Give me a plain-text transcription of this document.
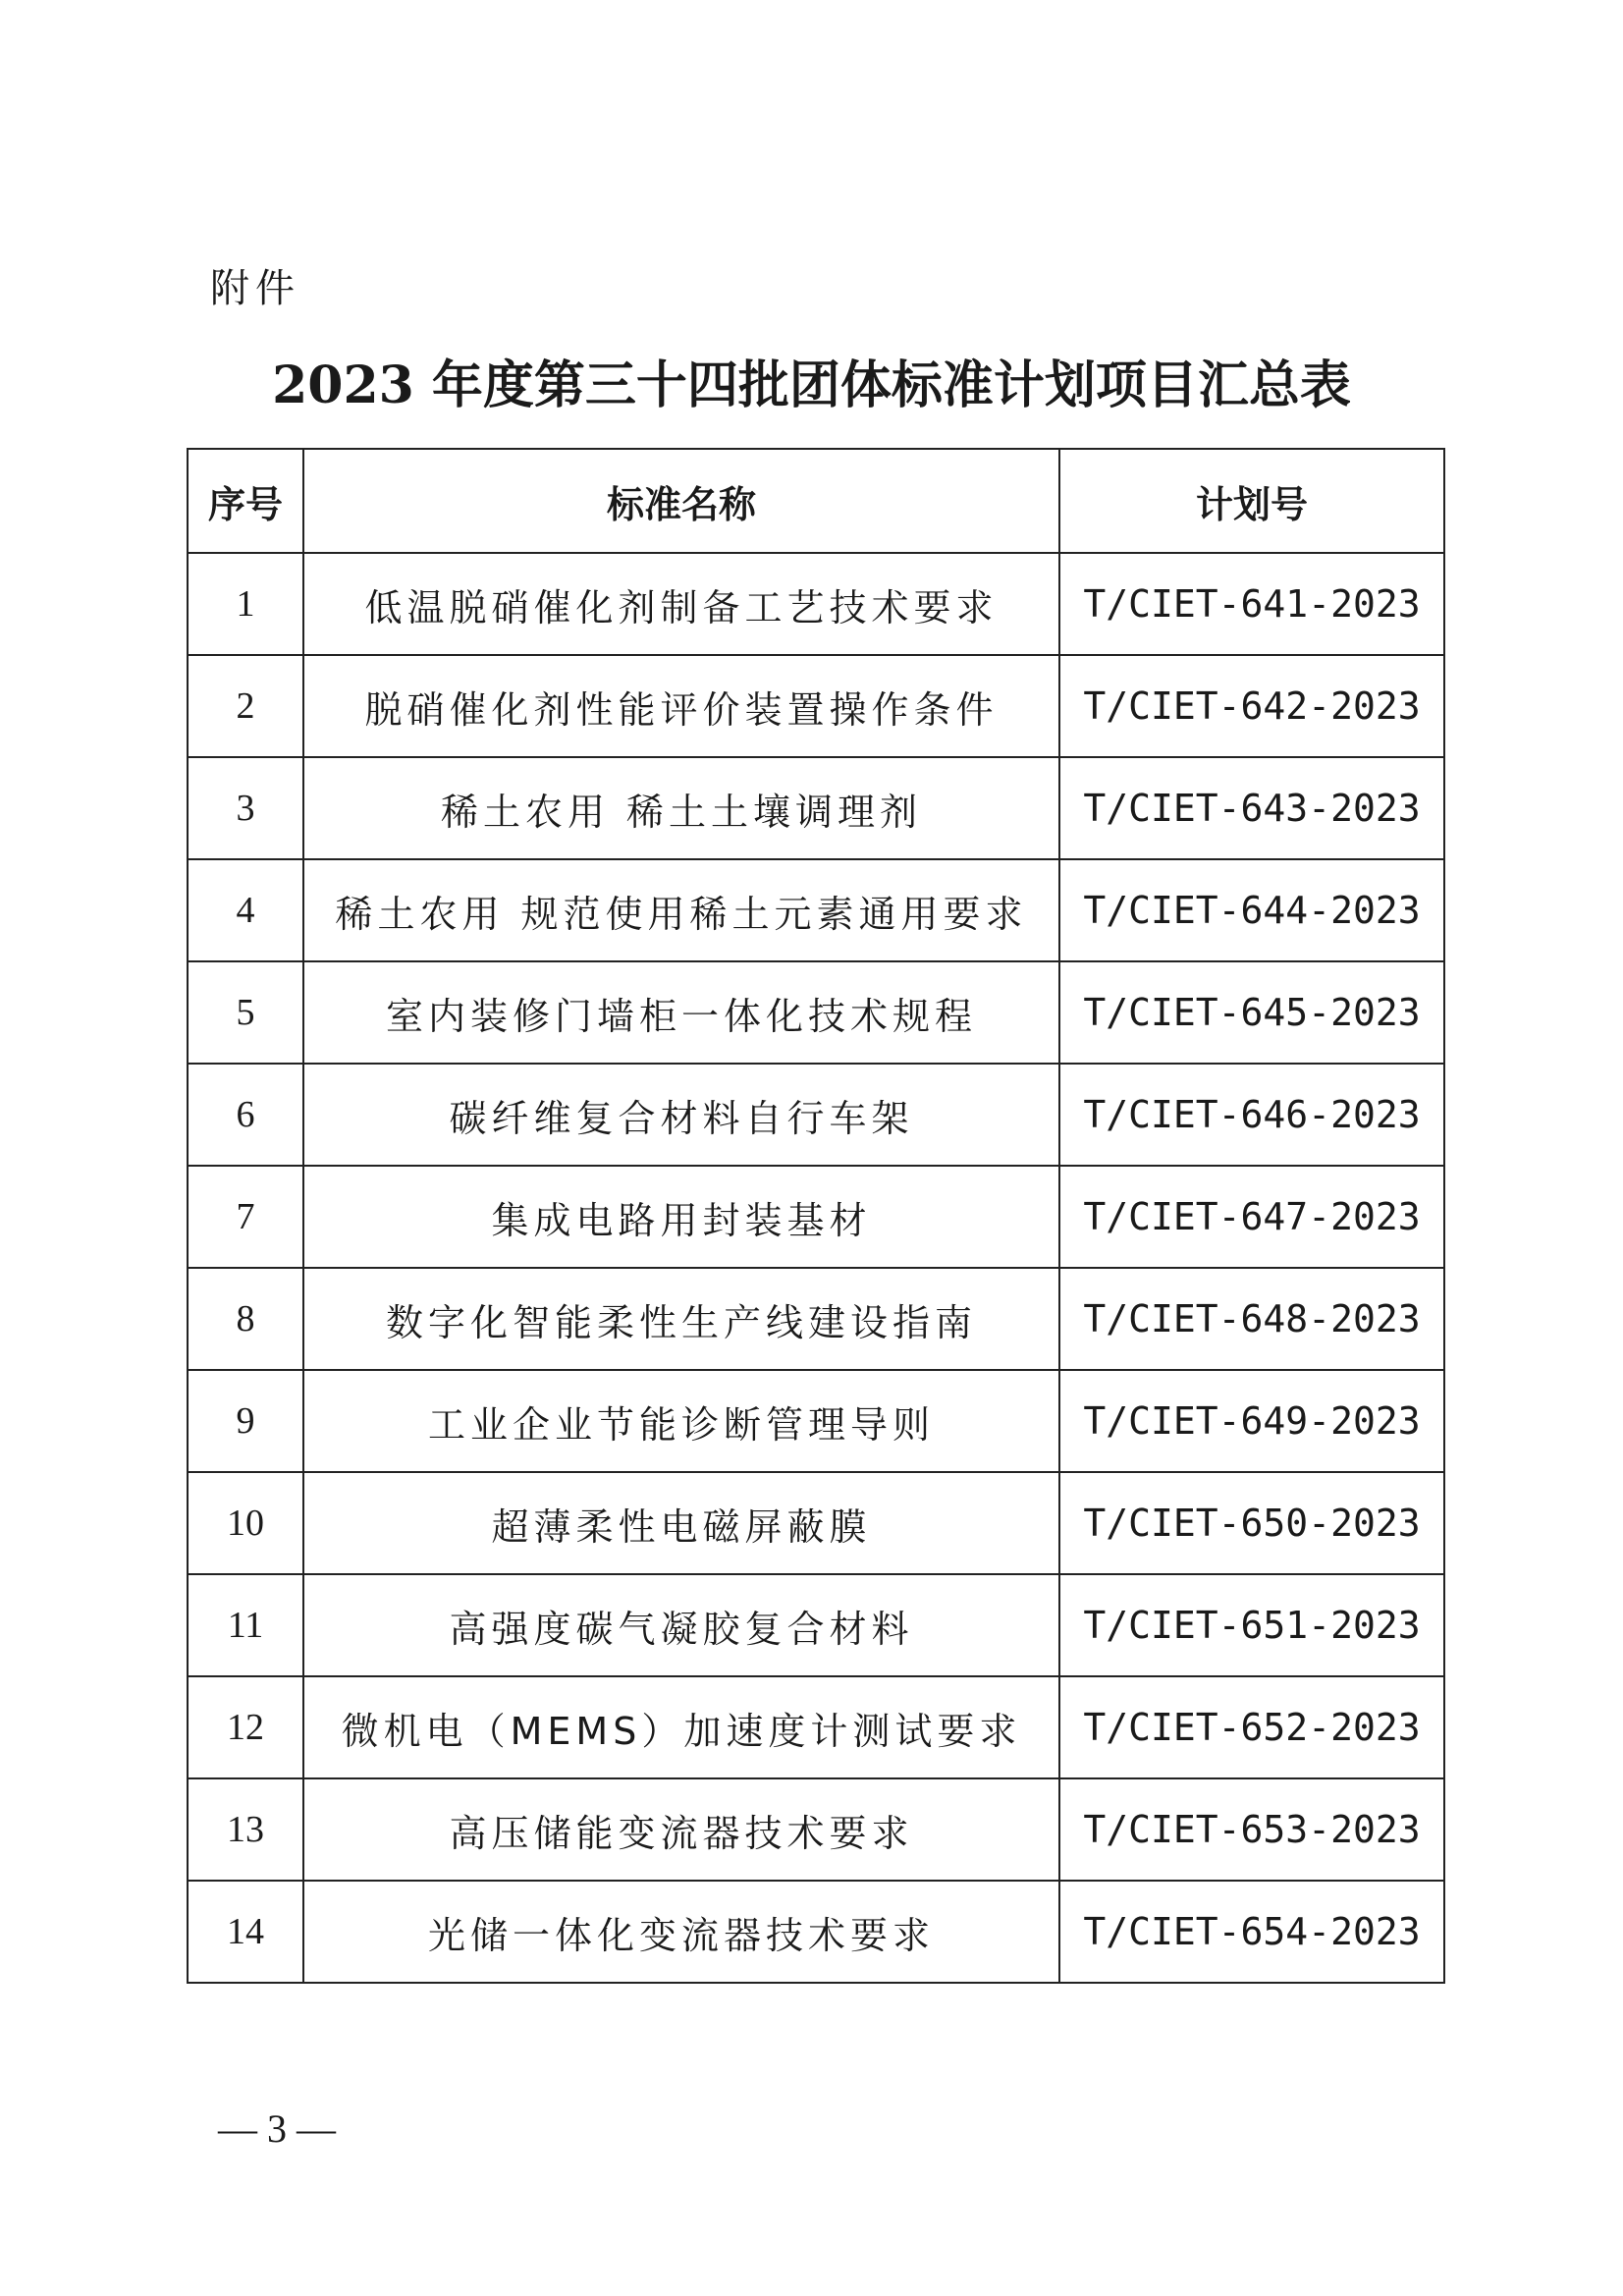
附件
2023 年度第三十四批团体标准计划项目汇总表
序号	标准名称	计划号
1	低温脱硝催化剂制备工艺技术要求	T/CIET-641-2023
2	脱硝催化剂性能评价装置操作条件	T/CIET-642-2023
3	稀土农用 稀土土壤调理剂	T/CIET-643-2023
4	稀土农用 规范使用稀土元素通用要求	T/CIET-644-2023
5	室内装修门墙柜一体化技术规程	T/CIET-645-2023
6	碳纤维复合材料自行车架	T/CIET-646-2023
7	集成电路用封装基材	T/CIET-647-2023
8	数字化智能柔性生产线建设指南	T/CIET-648-2023
9	工业企业节能诊断管理导则	T/CIET-649-2023
10	超薄柔性电磁屏蔽膜	T/CIET-650-2023
11	高强度碳气凝胶复合材料	T/CIET-651-2023
12	微机电（MEMS）加速度计测试要求	T/CIET-652-2023
13	高压储能变流器技术要求	T/CIET-653-2023
14	光储一体化变流器技术要求	T/CIET-654-2023
— 3 —
